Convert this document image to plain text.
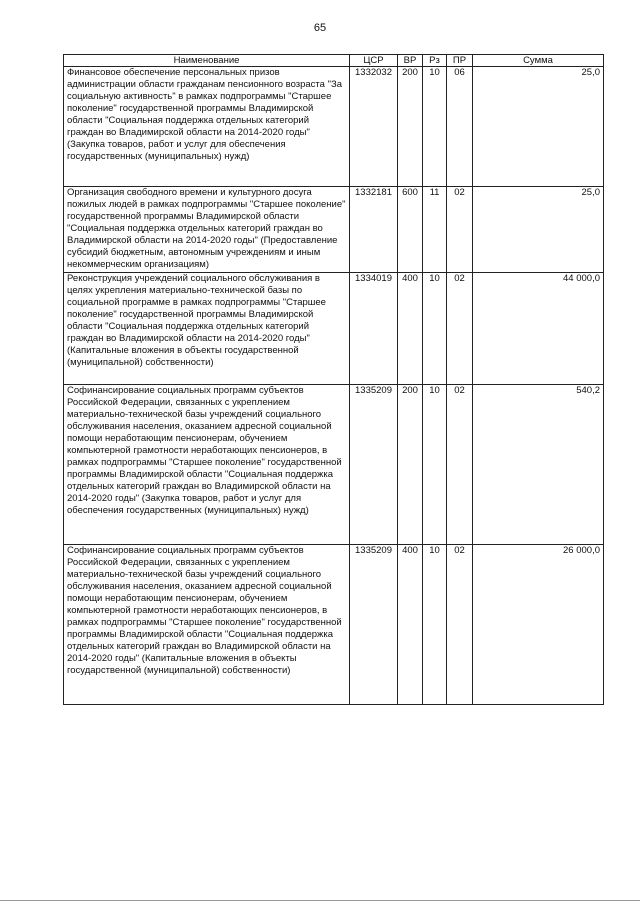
65
Наименование	ЦСР	ВР	Рз	ПР	Сумма
Финансовое обеспечение персональных призов администрации области гражданам пенсионного возраста "За социальную активность" в рамках подпрограммы "Старшее поколение" государственной программы Владимирской области "Социальная поддержка отдельных категорий граждан во Владимирской области на 2014-2020 годы" (Закупка товаров, работ и услуг для обеспечения государственных (муниципальных) нужд)	1332032	200	10	06	25,0
Организация свободного времени и культурного досуга пожилых людей в рамках подпрограммы "Старшее поколение" государственной программы Владимирской области "Социальная поддержка отдельных категорий граждан во Владимирской области на 2014-2020 годы" (Предоставление субсидий бюджетным, автономным учреждениям и иным некоммерческим организациям)	1332181	600	11	02	25,0
Реконструкция учреждений социального обслуживания в целях укрепления материально-технической базы по социальной программе в рамках подпрограммы "Старшее поколение" государственной программы Владимирской области "Социальная поддержка отдельных категорий граждан во Владимирской области на 2014-2020 годы" (Капитальные вложения в объекты государственной (муниципальной) собственности)	1334019	400	10	02	44 000,0
Софинансирование социальных программ субъектов Российской Федерации, связанных с укреплением материально-технической базы учреждений социального обслуживания населения, оказанием адресной социальной помощи неработающим пенсионерам, обучением компьютерной грамотности неработающих пенсионеров, в рамках подпрограммы "Старшее поколение" государственной программы Владимирской области "Социальная поддержка отдельных категорий граждан во Владимирской области на 2014-2020 годы" (Закупка товаров, работ и услуг для обеспечения государственных (муниципальных) нужд)	1335209	200	10	02	540,2
Софинансирование социальных программ субъектов Российской Федерации, связанных с укреплением материально-технической базы учреждений социального обслуживания населения, оказанием адресной социальной помощи неработающим пенсионерам, обучением компьютерной грамотности неработающих пенсионеров, в рамках подпрограммы "Старшее поколение" государственной программы Владимирской области "Социальная поддержка отдельных категорий граждан во Владимирской области на 2014-2020 годы" (Капитальные вложения в объекты государственной (муниципальной) собственности)	1335209	400	10	02	26 000,0
